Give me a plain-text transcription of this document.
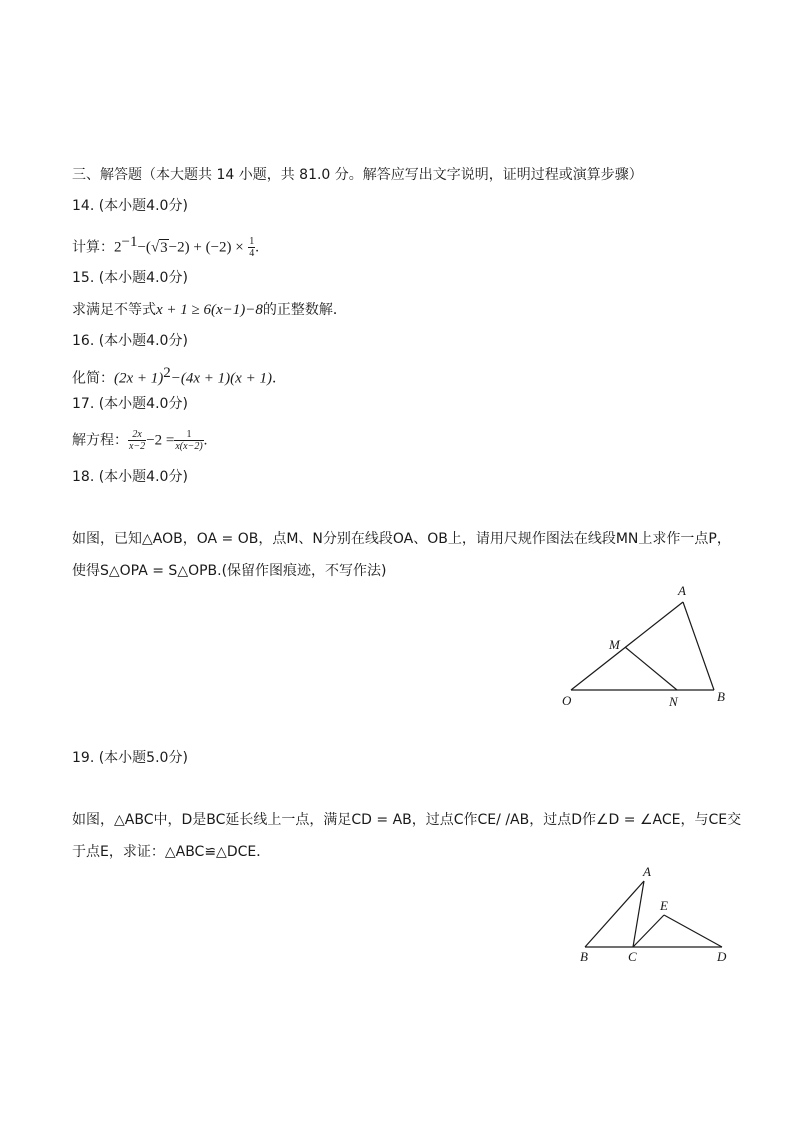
三、解答题（本大题共 14 小题，共 81.0 分。解答应写出文字说明，证明过程或演算步骤）
14. (本小题4.0分)
计算：$2^{-1}-(√3-2) + (-2) \times \frac{1}{4}$ .
15. (本小题4.0分)
求满足不等式x + 1 ≥ 6(x−1)−8的正整数解．
16. (本小题4.0分)
化简：$(2x + 1)^2-(4x + 1)(x + 1)$．
17. (本小题4.0分)
解方程： $\frac{2x}{x-2} -2 = \frac{1}{x(x-2)}$ .
18. (本小题4.0分)
如图，已知△AOB，OA = OB，点M、N分别在线段OA、OB上，请用尺规作图法在线段MN上求作一点P，
使得S△OPA = S△OPB.(保留作图痕迹，不写作法)
A
M
O	N	B
19. (本小题5.0分)
如图，△ABC中，D是BC延长线上一点，满足CD = AB，过点C作CE/ /AB，过点D作∠D = ∠ACE，与CE交
于点E，求证：△ABC≌△DCE．
A
E
B	C	D
